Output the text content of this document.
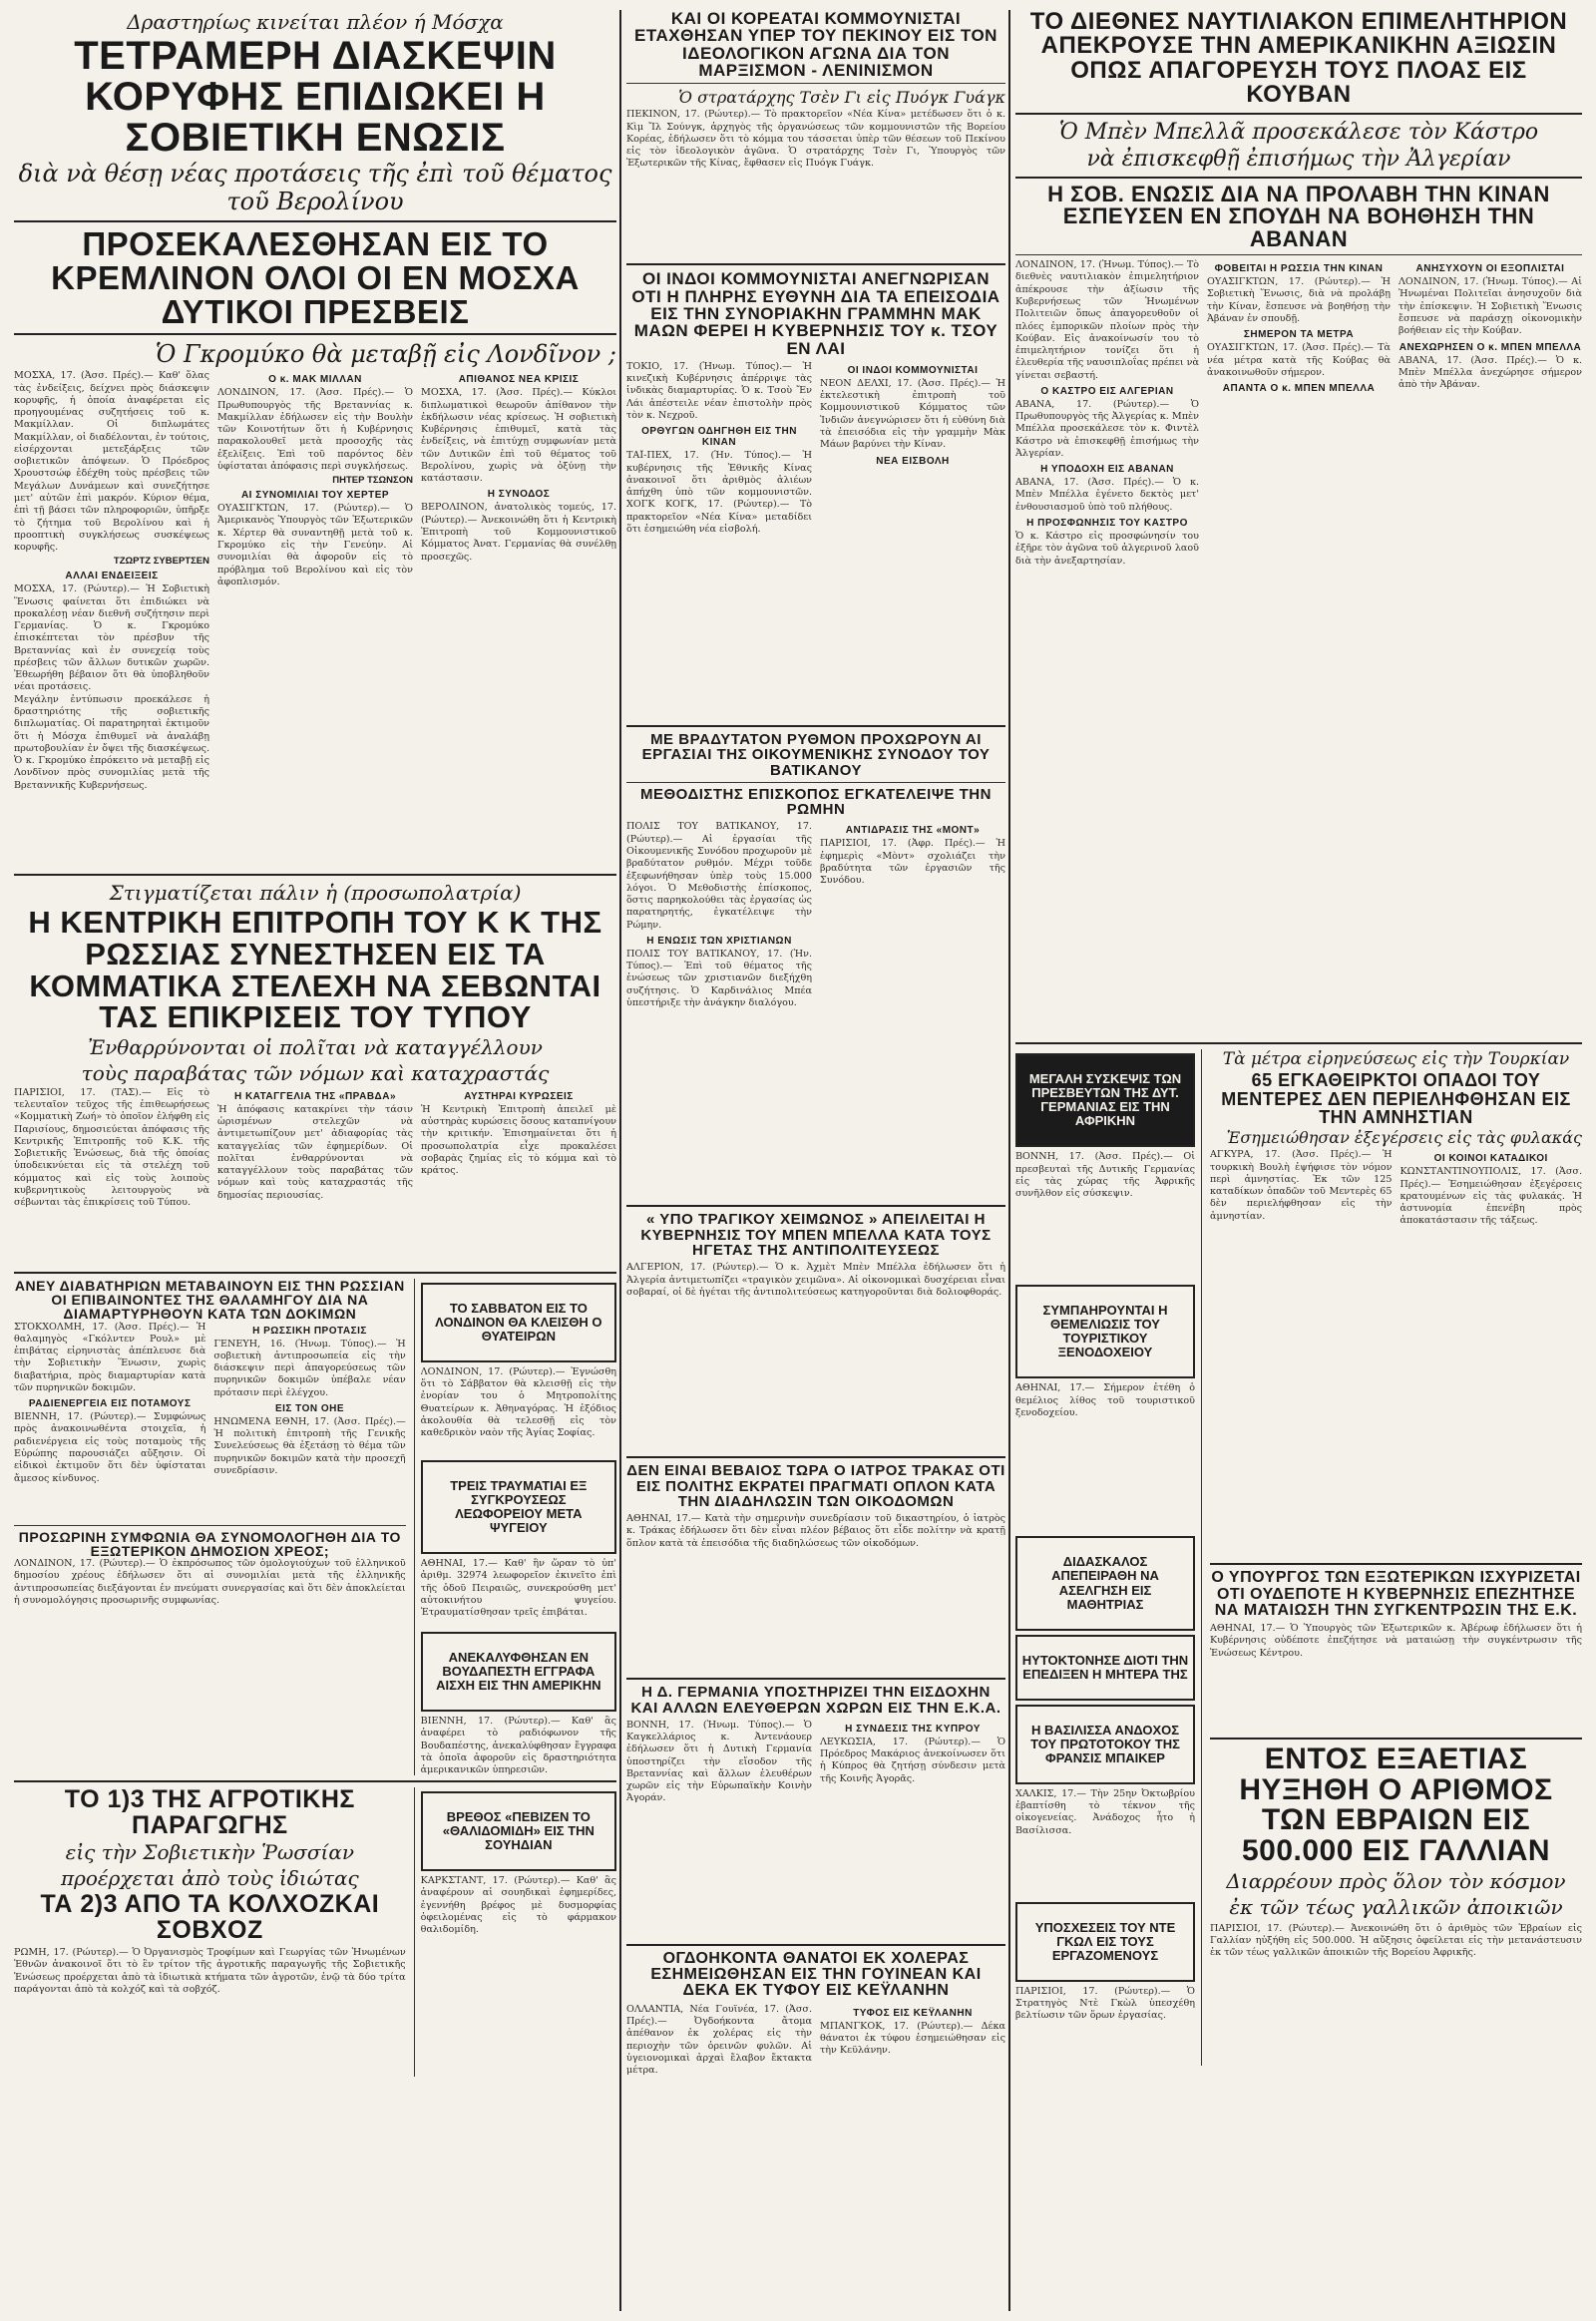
Δραστηρίως κινείται πλέον ή Μόσχα

ΤΕΤΡΑΜΕΡΗ ΔΙΑΣΚΕΨΙΝ ΚΟΡΥΦΗΣ ΕΠΙΔΙΩΚΕΙ Η ΣΟΒΙΕΤΙΚΗ ΕΝΩΣΙΣ

διὰ νὰ θέσῃ νέας προτάσεις τῆς ἐπὶ τοῦ θέματος τοῦ Βερολίνου

ΠΡΟΣΕΚΑΛΕΣΘΗΣΑΝ ΕΙΣ ΤΟ ΚΡΕΜΛΙΝΟΝ ΟΛΟΙ ΟΙ ΕΝ ΜΟΣΧΑ ΔΥΤΙΚΟΙ ΠΡΕΣΒΕΙΣ

Ὁ Γκρομύκο θὰ μεταβῇ εἰς Λονδῖνον ;

ΜΟΣΧΑ, 17. (Ἀσσ. Πρές).— Καθ' ὅλας τὰς ἐνδείξεις, δείχνει πρὸς διάσκεψιν κορυφῆς, ἡ ὁποία ἀναφέρεται εἰς προηγουμένας συζητήσεις τοῦ κ. Μακμίλλαν. Οἱ διπλωμάτες Μακμίλλαν, οἱ διαδέλονται, ἐν τούτοις, εἰσέρχονται μετεξάρξεις τῶν σοβιετικῶν ἀπόψεων. Ὁ Πρόεδρος Χρουστσώφ ἐδέχθη τοὺς πρέσβεις τῶν Μεγάλων Δυνάμεων καὶ συνεζήτησε μετ' αὐτῶν ἐπὶ μακρόν. Κύριον θέμα, ἐπὶ τῇ βάσει τῶν πληροφοριῶν, ὑπῆρξε τὸ ζήτημα τοῦ Βερολίνου καὶ ἡ προοπτικὴ συγκλήσεως συσκέψεως κορυφῆς.

ΤΖΩΡΤΖ ΣΥΒΕΡΤΣΕΝ

ΑΛΛΑΙ ΕΝΔΕΙΞΕΙΣ

ΜΟΣΧΑ, 17. (Ρώυτερ).— Ἡ Σοβιετικὴ Ἕνωσις φαίνεται ὅτι ἐπιδιώκει νὰ προκαλέσῃ νέαν διεθνῆ συζήτησιν περὶ Γερμανίας. Ὁ κ. Γκρομύκο ἐπισκέπτεται τὸν πρέσβυν τῆς Βρεταννίας καὶ ἐν συνεχείᾳ τοὺς πρέσβεις τῶν ἄλλων δυτικῶν χωρῶν. Ἐθεωρήθη βέβαιον ὅτι θὰ ὑποβληθοῦν νέαι προτάσεις.

Μεγάλην ἐντύπωσιν προεκάλεσε ἡ δραστηριότης τῆς σοβιετικῆς διπλωματίας. Οἱ παρατηρηταὶ ἐκτιμοῦν ὅτι ἡ Μόσχα ἐπιθυμεῖ νὰ ἀναλάβῃ πρωτοβουλίαν ἐν ὄψει τῆς διασκέψεως. Ὁ κ. Γκρομύκο ἐπρόκειτο νὰ μεταβῇ εἰς Λονδῖνον πρὸς συνομιλίας μετὰ τῆς Βρεταννικῆς Κυβερνήσεως.

Ο κ. ΜΑΚ ΜΙΛΛΑΝ

ΛΟΝΔΙΝΟΝ, 17. (Ἀσσ. Πρές).— Ὁ Πρωθυπουργὸς τῆς Βρεταννίας κ. Μακμίλλαν ἐδήλωσεν εἰς τὴν Βουλὴν τῶν Κοινοτήτων ὅτι ἡ Κυβέρνησις παρακολουθεῖ μετὰ προσοχῆς τὰς ἐξελίξεις. Ἐπὶ τοῦ παρόντος δὲν ὑφίσταται ἀπόφασις περὶ συγκλήσεως.

ΠΗΤΕΡ ΤΣΩΝΣΟΝ

ΑΙ ΣΥΝΟΜΙΛΙΑΙ ΤΟΥ ΧΕΡΤΕΡ

ΟΥΑΣΙΓΚΤΩΝ, 17. (Ρώυτερ).— Ὁ Ἀμερικανὸς Ὑπουργὸς τῶν Ἐξωτερικῶν κ. Χέρτερ θὰ συναντηθῇ μετὰ τοῦ κ. Γκρομύκο εἰς τὴν Γενεύην. Αἱ συνομιλίαι θὰ ἀφοροῦν εἰς τὸ πρόβλημα τοῦ Βερολίνου καὶ εἰς τὸν ἀφοπλισμόν.

ΑΠΙΘΑΝΟΣ ΝΕΑ ΚΡΙΣΙΣ

ΜΟΣΧΑ, 17. (Ἀσσ. Πρές).— Κύκλοι διπλωματικοὶ θεωροῦν ἀπίθανον τὴν ἐκδήλωσιν νέας κρίσεως. Ἡ σοβιετικὴ Κυβέρνησις ἐπιθυμεῖ, κατὰ τὰς ἐνδείξεις, νὰ ἐπιτύχῃ συμφωνίαν μετὰ τῶν Δυτικῶν ἐπὶ τοῦ θέματος τοῦ Βερολίνου, χωρὶς νὰ ὀξύνῃ τὴν κατάστασιν.

Η ΣΥΝΟΔΟΣ

ΒΕΡΟΛΙΝΟΝ, ἀνατολικὸς τομεύς, 17. (Ρώυτερ).— Ἀνεκοινώθη ὅτι ἡ Κεντρικὴ Ἐπιτροπὴ τοῦ Κομμουνιστικοῦ Κόμματος Ἀνατ. Γερμανίας θὰ συνέλθῃ προσεχῶς.

Στιγματίζεται πάλιν ἡ (προσωπολατρία)

Η ΚΕΝΤΡΙΚΗ ΕΠΙΤΡΟΠΗ ΤΟΥ Κ Κ ΤΗΣ ΡΩΣΣΙΑΣ ΣΥΝΕΣΤΗΣΕΝ ΕΙΣ ΤΑ ΚΟΜΜΑΤΙΚΑ ΣΤΕΛΕΧΗ ΝΑ ΣΕΒΩΝΤΑΙ ΤΑΣ ΕΠΙΚΡΙΣΕΙΣ ΤΟΥ ΤΥΠΟΥ

Ἐνθαρρύνονται οἱ πολῖται νὰ καταγγέλλουν

τοὺς παραβάτας τῶν νόμων καὶ καταχραστάς

ΠΑΡΙΣΙΟΙ, 17. (ΤΑΣ).— Εἰς τὸ τελευταῖον τεῦχος τῆς ἐπιθεωρήσεως «Κομματικὴ Ζωή» τὸ ὁποῖον ἐλήφθη εἰς Παρισίους, δημοσιεύεται ἀπόφασις τῆς Κεντρικῆς Ἐπιτροπῆς τοῦ Κ.Κ. τῆς Σοβιετικῆς Ἑνώσεως, διὰ τῆς ὁποίας ὑποδεικνύεται εἰς τὰ στελέχη τοῦ κόμματος καὶ εἰς τοὺς λοιποὺς κυβερνητικοὺς λειτουργοὺς νὰ σέβωνται τὰς ἐπικρίσεις τοῦ Τύπου.

Η ΚΑΤΑΓΓΕΛΙΑ ΤΗΣ «ΠΡΑΒΔΑ»

Ἡ ἀπόφασις κατακρίνει τὴν τάσιν ὡρισμένων στελεχῶν νὰ ἀντιμετωπίζουν μετ' ἀδιαφορίας τὰς καταγγελίας τῶν ἐφημερίδων. Οἱ πολῖται ἐνθαρρύνονται νὰ καταγγέλλουν τοὺς παραβάτας τῶν νόμων καὶ τοὺς καταχραστάς τῆς δημοσίας περιουσίας.

ΑΥΣΤΗΡΑΙ ΚΥΡΩΣΕΙΣ

Ἡ Κεντρικὴ Ἐπιτροπὴ ἀπειλεῖ μὲ αὐστηρὰς κυρώσεις ὅσους καταπνίγουν τὴν κριτικήν. Ἐπισημαίνεται ὅτι ἡ προσωπολατρία εἶχε προκαλέσει σοβαρὰς ζημίας εἰς τὸ κόμμα καὶ τὸ κράτος.

ΑΝΕΥ ΔΙΑΒΑΤΗΡΙΩΝ ΜΕΤΑΒΑΙΝΟΥΝ ΕΙΣ ΤΗΝ ΡΩΣΣΙΑΝ ΟΙ ΕΠΙΒΑΙΝΟΝΤΕΣ ΤΗΣ ΘΑΛΑΜΗΓΟΥ ΔΙΑ ΝΑ ΔΙΑΜΑΡΤΥΡΗΘΟΥΝ ΚΑΤΑ ΤΩΝ ΔΟΚΙΜΩΝ

ΣΤΟΚΧΟΛΜΗ, 17. (Ἀσσ. Πρές).— Ἡ θαλαμηγὸς «Γκόλντεν Ρουλ» μὲ ἐπιβάτας εἰρηνιστὰς ἀπέπλευσε διὰ τὴν Σοβιετικὴν Ἕνωσιν, χωρὶς διαβατήρια, πρὸς διαμαρτυρίαν κατὰ τῶν πυρηνικῶν δοκιμῶν.

ΡΑΔΙΕΝΕΡΓΕΙΑ ΕΙΣ ΠΟΤΑΜΟΥΣ

ΒΙΕΝΝΗ, 17. (Ρώυτερ).— Συμφώνως πρὸς ἀνακοινωθέντα στοιχεῖα, ἡ ραδιενέργεια εἰς τοὺς ποταμοὺς τῆς Εὐρώπης παρουσιάζει αὔξησιν. Οἱ εἰδικοὶ ἐκτιμοῦν ὅτι δὲν ὑφίσταται ἄμεσος κίνδυνος.

Η ΡΩΣΣΙΚΗ ΠΡΟΤΑΣΙΣ

ΓΕΝΕΥΗ, 16. (Ἡνωμ. Τύπος).— Ἡ σοβιετικὴ ἀντιπροσωπεία εἰς τὴν διάσκεψιν περὶ ἀπαγορεύσεως τῶν πυρηνικῶν δοκιμῶν ὑπέβαλε νέαν πρότασιν περὶ ἐλέγχου.

ΕΙΣ ΤΟΝ ΟΗΕ

ΗΝΩΜΕΝΑ ΕΘΝΗ, 17. (Ἀσσ. Πρές).— Ἡ πολιτικὴ ἐπιτροπὴ τῆς Γενικῆς Συνελεύσεως θὰ ἐξετάσῃ τὸ θέμα τῶν πυρηνικῶν δοκιμῶν κατὰ τὴν προσεχῆ συνεδρίασιν.

ΠΡΟΣΩΡΙΝΗ ΣΥΜΦΩΝΙΑ ΘΑ ΣΥΝΟΜΟΛΟΓΗΘΗ ΔΙΑ ΤΟ ΕΞΩΤΕΡΙΚΟΝ ΔΗΜΟΣΙΟΝ ΧΡΕΟΣ;

ΛΟΝΔΙΝΟΝ, 17. (Ρώυτερ).— Ὁ ἐκπρόσωπος τῶν ὁμολογιούχων τοῦ ἑλληνικοῦ δημοσίου χρέους ἐδήλωσεν ὅτι αἱ συνομιλίαι μετὰ τῆς ἑλληνικῆς ἀντιπροσωπείας διεξάγονται ἐν πνεύματι συνεργασίας καὶ ὅτι δὲν ἀποκλείεται ἡ συνομολόγησις προσωρινῆς συμφωνίας.

ΤΟ ΣΑΒΒΑΤΟΝ ΕΙΣ ΤΟ ΛΟΝΔΙΝΟΝ ΘΑ ΚΛΕΙΣΘΗ Ο ΘΥΑΤΕΙΡΩΝ

ΛΟΝΔΙΝΟΝ, 17. (Ρώυτερ).— Ἐγνώσθη ὅτι τὸ Σάββατον θὰ κλεισθῇ εἰς τὴν ἐνορίαν του ὁ Μητροπολίτης Θυατείρων κ. Ἀθηναγόρας. Ἡ ἐξόδιος ἀκολουθία θὰ τελεσθῇ εἰς τὸν καθεδρικὸν ναὸν τῆς Ἁγίας Σοφίας.

ΤΡΕΙΣ ΤΡΑΥΜΑΤΙΑΙ ΕΞ ΣΥΓΚΡΟΥΣΕΩΣ ΛΕΩΦΟΡΕΙΟΥ ΜΕΤΑ ΨΥΓΕΙΟΥ

ΑΘΗΝΑΙ, 17.— Καθ' ἣν ὥραν τὸ ὑπ' ἀριθμ. 32974 λεωφορεῖον ἐκινεῖτο ἐπὶ τῆς ὁδοῦ Πειραιῶς, συνεκρούσθη μετ' αὐτοκινήτου ψυγείου. Ἐτραυματίσθησαν τρεῖς ἐπιβάται.

ΑΝΕΚΑΛΥΦΘΗΣΑΝ ΕΝ ΒΟΥΔΑΠΕΣΤΗ ΕΓΓΡΑΦΑ ΑΙΣΧΗ ΕΙΣ ΤΗΝ ΑΜΕΡΙΚΗΝ

ΒΙΕΝΝΗ, 17. (Ρώυτερ).— Καθ' ἃς ἀναφέρει τὸ ραδιόφωνον τῆς Βουδαπέστης, ἀνεκαλύφθησαν ἔγγραφα τὰ ὁποῖα ἀφοροῦν εἰς δραστηριότητα ἀμερικανικῶν ὑπηρεσιῶν.

ΤΟ 1)3 ΤΗΣ ΑΓΡΟΤΙΚΗΣ ΠΑΡΑΓΩΓΗΣ

εἰς τὴν Σοβιετικὴν Ῥωσσίαν

προέρχεται ἀπὸ τοὺς ἰδιώτας

ΤΑ 2)3 ΑΠΟ ΤΑ ΚΟΛΧΟΖΚΑΙ ΣΟΒΧΟΖ

ΡΩΜΗ, 17. (Ρώυτερ).— Ὁ Ὀργανισμὸς Τροφίμων καὶ Γεωργίας τῶν Ἡνωμένων Ἐθνῶν ἀνακοινοῖ ὅτι τὸ ἓν τρίτον τῆς ἀγροτικῆς παραγωγῆς τῆς Σοβιετικῆς Ἑνώσεως προέρχεται ἀπὸ τὰ ἰδιωτικὰ κτήματα τῶν ἀγροτῶν, ἐνῷ τὰ δύο τρίτα παράγονται ἀπὸ τὰ κολχόζ καὶ τὰ σοβχόζ.

ΒΡΕΘΟΣ «ΠΕΒΙΖΕΝ ΤΟ «ΘΑΛΙΔΟΜΙΔΗ» ΕΙΣ ΤΗΝ ΣΟΥΗΔΙΑΝ

ΚΑΡΚΣΤΑΝΤ, 17. (Ρώυτερ).— Καθ' ἃς ἀναφέρουν αἱ σουηδικαὶ ἐφημερίδες, ἐγεννήθη βρέφος μὲ δυσμορφίας ὀφειλομένας εἰς τὸ φάρμακον θαλιδομίδη.

ΚΑΙ ΟΙ ΚΟΡΕΑΤΑΙ ΚΟΜΜΟΥΝΙΣΤΑΙ ΕΤΑΧΘΗΣΑΝ ΥΠΕΡ ΤΟΥ ΠΕΚΙΝΟΥ ΕΙΣ ΤΟΝ ΙΔΕΟΛΟΓΙΚΟΝ ΑΓΩΝΑ ΔΙΑ ΤΟΝ ΜΑΡΞΙΣΜΟΝ - ΛΕΝΙΝΙΣΜΟΝ

Ὁ στρατάρχης Τσὲν Γι εἰς Πυόγκ Γυάγκ

ΠΕΚΙΝΟΝ, 17. (Ρώυτερ).— Τὸ πρακτορεῖον «Νέα Κίνα» μετέδωσεν ὅτι ὁ κ. Κὶμ Ἴλ Σούνγκ, ἀρχηγὸς τῆς ὀργανώσεως τῶν κομμουνιστῶν τῆς Βορείου Κορέας, ἐδήλωσεν ὅτι τὸ κόμμα του τάσσεται ὑπὲρ τῶν θέσεων τοῦ Πεκίνου εἰς τὸν ἰδεολογικὸν ἀγῶνα. Ὁ στρατάρχης Τσὲν Γι, Ὑπουργὸς τῶν Ἐξωτερικῶν τῆς Κίνας, ἔφθασεν εἰς Πυόγκ Γυάγκ.

ΟΙ ΙΝΔΟΙ ΚΟΜΜΟΥΝΙΣΤΑΙ ΑΝΕΓΝΩΡΙΣΑΝ ΟΤΙ Η ΠΛΗΡΗΣ ΕΥΘΥΝΗ ΔΙΑ ΤΑ ΕΠΕΙΣΟΔΙΑ ΕΙΣ ΤΗΝ ΣΥΝΟΡΙΑΚΗΝ ΓΡΑΜΜΗΝ ΜΑΚ ΜΑΩΝ ΦΕΡΕΙ Η ΚΥΒΕΡΝΗΣΙΣ ΤΟΥ κ. ΤΣΟΥ ΕΝ ΛΑΙ

ΤΟΚΙΟ, 17. (Ἡνωμ. Τύπος).— Ἡ κινεζικὴ Κυβέρνησις ἀπέρριψε τὰς ἰνδικὰς διαμαρτυρίας. Ὁ κ. Τσοὺ Ἔν Λάι ἀπέστειλε νέαν ἐπιστολὴν πρὸς τὸν κ. Νεχροῦ.

ΟΡΘΥΓΩΝ ΟΔΗΓΗΘΗ ΕΙΣ ΤΗΝ ΚΙΝΑΝ

ΤΑΪ-ΠΕΧ, 17. (Ἡν. Τύπος).— Ἡ κυβέρνησις τῆς Ἐθνικῆς Κίνας ἀνακοινοῖ ὅτι ἀριθμὸς ἀλιέων ἀπήχθη ὑπὸ τῶν κομμουνιστῶν. ΧΟΓΚ ΚΟΓΚ, 17. (Ρώυτερ).— Τὸ πρακτορεῖον «Νέα Κίνα» μεταδίδει ὅτι ἐσημειώθη νέα εἰσβολή.

ΟΙ ΙΝΔΟΙ ΚΟΜΜΟΥΝΙΣΤΑΙ

ΝΕΟΝ ΔΕΛΧΙ, 17. (Ἀσσ. Πρές).— Ἡ ἐκτελεστικὴ ἐπιτροπὴ τοῦ Κομμουνιστικοῦ Κόμματος τῶν Ἰνδιῶν ἀνεγνώρισεν ὅτι ἡ εὐθύνη διὰ τὰ ἐπεισόδια εἰς τὴν γραμμὴν Μὰκ Μάων βαρύνει τὴν Κίναν.

ΝΕΑ ΕΙΣΒΟΛΗ

ΜΕ ΒΡΑΔΥΤΑΤΟΝ ΡΥΘΜΟΝ ΠΡΟΧΩΡΟΥΝ ΑΙ ΕΡΓΑΣΙΑΙ ΤΗΣ ΟΙΚΟΥΜΕΝΙΚΗΣ ΣΥΝΟΔΟΥ ΤΟΥ ΒΑΤΙΚΑΝΟΥ
ΜΕΘΟΔΙΣΤΗΣ ΕΠΙΣΚΟΠΟΣ ΕΓΚΑΤΕΛΕΙΨΕ ΤΗΝ ΡΩΜΗΝ

ΠΟΛΙΣ ΤΟΥ ΒΑΤΙΚΑΝΟΥ, 17. (Ρώυτερ).— Αἱ ἐργασίαι τῆς Οἰκουμενικῆς Συνόδου προχωροῦν μὲ βραδύτατον ρυθμόν. Μέχρι τοῦδε ἐξεφωνήθησαν ὑπὲρ τοὺς 15.000 λόγοι. Ὁ Μεθοδιστὴς ἐπίσκοπος, ὅστις παρηκολούθει τὰς ἐργασίας ὡς παρατηρητής, ἐγκατέλειψε τὴν Ρώμην.

Η ΕΝΩΣΙΣ ΤΩΝ ΧΡΙΣΤΙΑΝΩΝ

ΠΟΛΙΣ ΤΟΥ ΒΑΤΙΚΑΝΟΥ, 17. (Ἡν. Τύπος).— Ἐπὶ τοῦ θέματος τῆς ἑνώσεως τῶν χριστιανῶν διεξήχθη συζήτησις. Ὁ Καρδινάλιος Μπέα ὑπεστήριξε τὴν ἀνάγκην διαλόγου.

ΑΝΤΙΔΡΑΣΙΣ ΤΗΣ «ΜΟΝΤ»

ΠΑΡΙΣΙΟΙ, 17. (Ἀφρ. Πρές).— Ἡ ἐφημερὶς «Μὸντ» σχολιάζει τὴν βραδύτητα τῶν ἐργασιῶν τῆς Συνόδου.

« ΥΠΟ ΤΡΑΓΙΚΟΥ ΧΕΙΜΩΝΟΣ » ΑΠΕΙΛΕΙΤΑΙ Η ΚΥΒΕΡΝΗΣΙΣ ΤΟΥ ΜΠΕΝ ΜΠΕΛΛΑ ΚΑΤΑ ΤΟΥΣ ΗΓΕΤΑΣ ΤΗΣ ΑΝΤΙΠΟΛΙΤΕΥΣΕΩΣ

ΑΛΓΕΡΙΟΝ, 17. (Ρώυτερ).— Ὁ κ. Ἀχμὲτ Μπὲν Μπέλλα ἐδήλωσεν ὅτι ἡ Ἀλγερία ἀντιμετωπίζει «τραγικὸν χειμῶνα». Αἱ οἰκονομικαὶ δυσχέρειαι εἶναι σοβαραί, οἱ δὲ ἡγέται τῆς ἀντιπολιτεύσεως κατηγοροῦνται διὰ δολιοφθοράς.

ΔΕΝ ΕΙΝΑΙ ΒΕΒΑΙΟΣ ΤΩΡΑ Ο ΙΑΤΡΟΣ ΤΡΑΚΑΣ ΟΤΙ ΕΙΣ ΠΟΛΙΤΗΣ ΕΚΡΑΤΕΙ ΠΡΑΓΜΑΤΙ ΟΠΛΟΝ ΚΑΤΑ ΤΗΝ ΔΙΑΔΗΛΩΣΙΝ ΤΩΝ ΟΙΚΟΔΟΜΩΝ

ΑΘΗΝΑΙ, 17.— Κατὰ τὴν σημερινὴν συνεδρίασιν τοῦ δικαστηρίου, ὁ ἰατρὸς κ. Τράκας ἐδήλωσεν ὅτι δὲν εἶναι πλέον βέβαιος ὅτι εἶδε πολίτην νὰ κρατῇ ὅπλον κατὰ τὰ ἐπεισόδια τῆς διαδηλώσεως τῶν οἰκοδόμων.

Η Δ. ΓΕΡΜΑΝΙΑ ΥΠΟΣΤΗΡΙΖΕΙ ΤΗΝ ΕΙΣΔΟΧΗΝ ΚΑΙ ΑΛΛΩΝ ΕΛΕΥΘΕΡΩΝ ΧΩΡΩΝ ΕΙΣ ΤΗΝ Ε.Κ.Α.

ΒΟΝΝΗ, 17. (Ἡνωμ. Τύπος).— Ὁ Καγκελλάριος κ. Ἀντενάουερ ἐδήλωσεν ὅτι ἡ Δυτικὴ Γερμανία ὑποστηρίζει τὴν εἴσοδον τῆς Βρεταννίας καὶ ἄλλων ἐλευθέρων χωρῶν εἰς τὴν Εὐρωπαϊκὴν Κοινὴν Ἀγοράν.

Η ΣΥΝΔΕΣΙΣ ΤΗΣ ΚΥΠΡΟΥ

ΛΕΥΚΩΣΙΑ, 17. (Ρώυτερ).— Ὁ Πρόεδρος Μακάριος ἀνεκοίνωσεν ὅτι ἡ Κύπρος θὰ ζητήσῃ σύνδεσιν μετὰ τῆς Κοινῆς Ἀγορᾶς.

ΟΓΔΟΗΚΟΝΤΑ ΘΑΝΑΤΟΙ ΕΚ ΧΟΛΕΡΑΣ ΕΣΗΜΕΙΩΘΗΣΑΝ ΕΙΣ ΤΗΝ ΓΟΥΙΝΕΑΝ ΚΑΙ ΔΕΚΑ ΕΚ ΤΥΦΟΥ ΕΙΣ ΚΕΫΛΑΝΗΝ

ΟΛΛΑΝΤΙΑ, Νέα Γουϊνέα, 17. (Ἀσσ. Πρές).— Ὀγδοήκοντα ἄτομα ἀπέθανον ἐκ χολέρας εἰς τὴν περιοχὴν τῶν ὀρεινῶν φυλῶν. Αἱ ὑγειονομικαὶ ἀρχαὶ ἔλαβον ἔκτακτα μέτρα.

ΤΥΦΟΣ ΕΙΣ ΚΕΫΛΑΝΗΝ

ΜΠΑΝΓΚΟΚ, 17. (Ρώυτερ).— Δέκα θάνατοι ἐκ τύφου ἐσημειώθησαν εἰς τὴν Κεϋλάνην.

ΤΟ ΔΙΕΘΝΕΣ ΝΑΥΤΙΛΙΑΚΟΝ ΕΠΙΜΕΛΗΤΗΡΙΟΝ ΑΠΕΚΡΟΥΣΕ ΤΗΝ ΑΜΕΡΙΚΑΝΙΚΗΝ ΑΞΙΩΣΙΝ ΟΠΩΣ ΑΠΑΓΟΡΕΥΣΗ ΤΟΥΣ ΠΛΟΑΣ ΕΙΣ ΚΟΥΒΑΝ

Ὁ Μπὲν Μπελλᾶ προσεκάλεσε τὸν Κάστρο

νὰ ἐπισκεφθῇ ἐπισήμως τὴν Ἀλγερίαν

Η ΣΟΒ. ΕΝΩΣΙΣ ΔΙΑ ΝΑ ΠΡΟΛΑΒΗ ΤΗΝ ΚΙΝΑΝ ΕΣΠΕΥΣΕΝ ΕΝ ΣΠΟΥΔΗ ΝΑ ΒΟΗΘΗΣΗ ΤΗΝ ΑΒΑΝΑΝ

ΛΟΝΔΙΝΟΝ, 17. (Ἡνωμ. Τύπος).— Τὸ διεθνὲς ναυτιλιακὸν ἐπιμελητήριον ἀπέκρουσε τὴν ἀξίωσιν τῆς Κυβερνήσεως τῶν Ἡνωμένων Πολιτειῶν ὅπως ἀπαγορευθοῦν οἱ πλόες ἐμπορικῶν πλοίων πρὸς τὴν Κούβαν. Εἰς ἀνακοίνωσίν του τὸ ἐπιμελητήριον τονίζει ὅτι ἡ ἐλευθερία τῆς ναυσιπλοΐας πρέπει νὰ γίνεται σεβαστή.

Ο ΚΑΣΤΡΟ ΕΙΣ ΑΛΓΕΡΙΑΝ

ΑΒΑΝΑ, 17. (Ρώυτερ).— Ὁ Πρωθυπουργὸς τῆς Ἀλγερίας κ. Μπὲν Μπέλλα προσεκάλεσε τὸν κ. Φιντὲλ Κάστρο νὰ ἐπισκεφθῇ ἐπισήμως τὴν Ἀλγερίαν.

Η ΥΠΟΔΟΧΗ ΕΙΣ ΑΒΑΝΑΝ

ΑΒΑΝΑ, 17. (Ἀσσ. Πρές).— Ὁ κ. Μπὲν Μπέλλα ἐγένετο δεκτὸς μετ' ἐνθουσιασμοῦ ὑπὸ τοῦ πλήθους.

Η ΠΡΟΣΦΩΝΗΣΙΣ ΤΟΥ ΚΑΣΤΡΟ

Ὁ κ. Κάστρο εἰς προσφώνησίν του ἐξῆρε τὸν ἀγῶνα τοῦ ἀλγερινοῦ λαοῦ διὰ τὴν ἀνεξαρτησίαν.

ΦΟΒΕΙΤΑΙ Η ΡΩΣΣΙΑ ΤΗΝ ΚΙΝΑΝ

ΟΥΑΣΙΓΚΤΩΝ, 17. (Ρώυτερ).— Ἡ Σοβιετικὴ Ἕνωσις, διὰ νὰ προλάβῃ τὴν Κίναν, ἔσπευσε νὰ βοηθήσῃ τὴν Ἀβάναν ἐν σπουδῇ.

ΣΗΜΕΡΟΝ ΤΑ ΜΕΤΡΑ

ΟΥΑΣΙΓΚΤΩΝ, 17. (Ἀσσ. Πρές).— Τὰ νέα μέτρα κατὰ τῆς Κούβας θὰ ἀνακοινωθοῦν σήμερον.

ΑΠΑΝΤΑ Ο κ. ΜΠΕΝ ΜΠΕΛΛΑ

ΑΝΗΣΥΧΟΥΝ ΟΙ ΕΞΟΠΛΙΣΤΑΙ

ΛΟΝΔΙΝΟΝ, 17. (Ἡνωμ. Τύπος).— Αἱ Ἡνωμέναι Πολιτεῖαι ἀνησυχοῦν διὰ τὴν ἐπίσκεψιν. Ἡ Σοβιετικὴ Ἕνωσις ἔσπευσε νὰ παράσχῃ οἰκονομικὴν βοήθειαν εἰς τὴν Κούβαν.

ΑΝΕΧΩΡΗΣΕΝ Ο κ. ΜΠΕΝ ΜΠΕΛΛΑ

ΑΒΑΝΑ, 17. (Ἀσσ. Πρές).— Ὁ κ. Μπὲν Μπέλλα ἀνεχώρησε σήμερον ἀπὸ τὴν Ἀβάναν.

ΜΕΓΑΛΗ ΣΥΣΚΕΨΙΣ ΤΩΝ ΠΡΕΣΒΕΥΤΩΝ ΤΗΣ ΔΥΤ. ΓΕΡΜΑΝΙΑΣ ΕΙΣ ΤΗΝ ΑΦΡΙΚΗΝ

ΒΟΝΝΗ, 17. (Ἀσσ. Πρές).— Οἱ πρεσβευταὶ τῆς Δυτικῆς Γερμανίας εἰς τὰς χώρας τῆς Ἀφρικῆς συνῆλθον εἰς σύσκεψιν.

ΣΥΜΠΑΗΡΟΥΝΤΑΙ Η ΘΕΜΕΛΙΩΣΙΣ ΤΟΥ ΤΟΥΡΙΣΤΙΚΟΥ ΞΕΝΟΔΟΧΕΙΟΥ

ΑΘΗΝΑΙ, 17.— Σήμερον ἐτέθη ὁ θεμέλιος λίθος τοῦ τουριστικοῦ ξενοδοχείου.

ΔΙΔΑΣΚΑΛΟΣ ΑΠΕΠΕΙΡΑΘΗ ΝΑ ΑΣΕΛΓΗΣΗ ΕΙΣ ΜΑΘΗΤΡΙΑΣ

ΗΥΤΟΚΤΟΝΗΣΕ ΔΙΟΤΙ ΤΗΝ ΕΠΕΔΙΞΕΝ Η ΜΗΤΕΡΑ ΤΗΣ

Η ΒΑΣΙΛΙΣΣΑ ΑΝΔΟΧΟΣ ΤΟΥ ΠΡΩΤΟΤΟΚΟΥ ΤΗΣ ΦΡΑΝΣΙΣ ΜΠΑΙΚΕΡ

ΧΑΛΚΙΣ, 17.— Τὴν 25ην Ὀκτωβρίου ἐβαπτίσθη τὸ τέκνον τῆς οἰκογενείας. Ἀνάδοχος ἦτο ἡ Βασίλισσα.

ΥΠΟΣΧΕΣΕΙΣ ΤΟΥ ΝΤΕ ΓΚΩΛ ΕΙΣ ΤΟΥΣ ΕΡΓΑΖΟΜΕΝΟΥΣ

ΠΑΡΙΣΙΟΙ, 17. (Ρώυτερ).— Ὁ Στρατηγὸς Ντὲ Γκὼλ ὑπεσχέθη βελτίωσιν τῶν ὅρων ἐργασίας.

Τὰ μέτρα εἰρηνεύσεως εἰς τὴν Τουρκίαν

65 ΕΓΚΑΘΕΙΡΚΤΟΙ ΟΠΑΔΟΙ ΤΟΥ ΜΕΝΤΕΡΕΣ ΔΕΝ ΠΕΡΙΕΛΗΦΘΗΣΑΝ ΕΙΣ ΤΗΝ ΑΜΝΗΣΤΙΑΝ

Ἐσημειώθησαν ἐξεγέρσεις εἰς τὰς φυλακάς

ΑΓΚΥΡΑ, 17. (Ἀσσ. Πρές).— Ἡ τουρκικὴ Βουλὴ ἐψήφισε τὸν νόμον περὶ ἀμνηστίας. Ἐκ τῶν 125 καταδίκων ὁπαδῶν τοῦ Μεντερὲς 65 δὲν περιελήφθησαν εἰς τὴν ἀμνηστίαν.

ΟΙ ΚΟΙΝΟΙ ΚΑΤΑΔΙΚΟΙ

ΚΩΝΣΤΑΝΤΙΝΟΥΠΟΛΙΣ, 17. (Ἀσσ. Πρές).— Ἐσημειώθησαν ἐξεγέρσεις κρατουμένων εἰς τὰς φυλακάς. Ἡ ἀστυνομία ἐπενέβη πρὸς ἀποκατάστασιν τῆς τάξεως.

Ο ΥΠΟΥΡΓΟΣ ΤΩΝ ΕΞΩΤΕΡΙΚΩΝ ΙΣΧΥΡΙΖΕΤΑΙ ΟΤΙ ΟΥΔΕΠΟΤΕ Η ΚΥΒΕΡΝΗΣΙΣ ΕΠΕΖΗΤΗΣΕ ΝΑ ΜΑΤΑΙΩΣΗ ΤΗΝ ΣΥΓΚΕΝΤΡΩΣΙΝ ΤΗΣ Ε.Κ.

ΑΘΗΝΑΙ, 17.— Ὁ Ὑπουργὸς τῶν Ἐξωτερικῶν κ. Ἀβέρωφ ἐδήλωσεν ὅτι ἡ Κυβέρνησις οὐδέποτε ἐπεζήτησε νὰ ματαιώσῃ τὴν συγκέντρωσιν τῆς Ἑνώσεως Κέντρου.

ΕΝΤΟΣ ΕΞΑΕΤΙΑΣ ΗΥΞΗΘΗ Ο ΑΡΙΘΜΟΣ ΤΩΝ ΕΒΡΑΙΩΝ ΕΙΣ 500.000 ΕΙΣ ΓΑΛΛΙΑΝ

Διαρρέουν πρὸς ὅλον τὸν κόσμον

ἐκ τῶν τέως γαλλικῶν ἀποικιῶν

ΠΑΡΙΣΙΟΙ, 17. (Ρώυτερ).— Ἀνεκοινώθη ὅτι ὁ ἀριθμὸς τῶν Ἑβραίων εἰς Γαλλίαν ηὐξήθη εἰς 500.000. Ἡ αὔξησις ὀφείλεται εἰς τὴν μετανάστευσιν ἐκ τῶν τέως γαλλικῶν ἀποικιῶν τῆς Βορείου Ἀφρικῆς.
